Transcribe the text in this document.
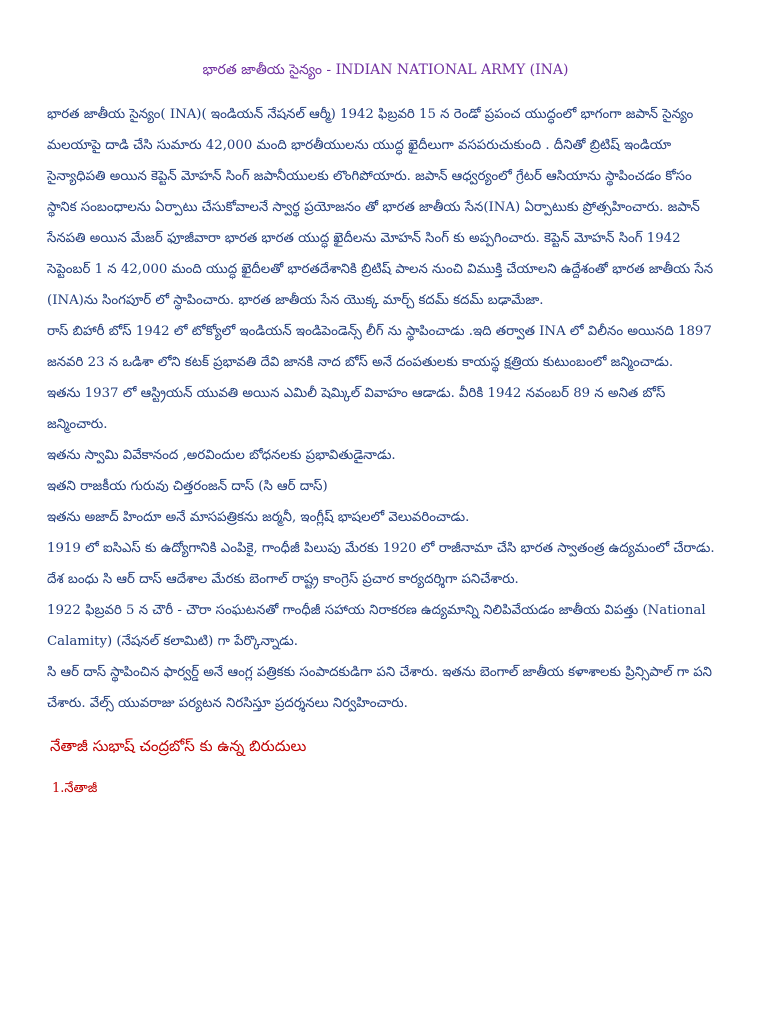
భారత జాతీయ సైన్యం - INDIAN NATIONAL ARMY (INA)

భారత జాతీయ సైన్యం( INA)( ఇండియన్ నేషనల్ ఆర్మీ) 1942 ఫిబ్రవరి 15 న రెండో ప్రపంచ యుద్ధంలో భాగంగా జపాన్ సైన్యం మలయాపై దాడి చేసి సుమారు 42,000 మంది భారతీయులను యుద్ధ ఖైదీలుగా వసపరుచుకుంది . దీనితో బ్రిటిష్ ఇండియా సైన్యాధిపతి అయిన కెప్టెన్ మోహన్ సింగ్ జపానీయులకు లొంగిపోయారు. జపాన్ ఆధ్వర్యంలో గ్రేటర్ ఆసియాను స్థాపించడం కోసం స్థానిక సంబంధాలను ఏర్పాటు చేసుకోవాలనే స్వార్థ ప్రయోజనం తో భారత జాతీయ సేన(INA) ఏర్పాటుకు ప్రోత్సహించారు. జపాన్ సేనపతి అయిన మేజర్ ఫూజీవారా భారత భారత యుద్ధ ఖైదీలను మోహన్ సింగ్ కు అప్పగించారు. కెప్టెన్ మోహన్ సింగ్ 1942 సెప్టెంబర్ 1 న 42,000 మంది యుద్ధ ఖైదీలతో భారతదేశానికి బ్రిటిష్ పాలన నుంచి విముక్తి చేయాలని ఉద్దేశంతో భారత జాతీయ సేన

(INA)ను సింగపూర్ లో స్థాపించారు. భారత జాతీయ సేన యొక్క మార్చ్ కదమ్ కదమ్ బఢామేజా.

రాస్ బిహారీ బోస్ 1942 లో టోక్యోలో ఇండియన్ ఇండిపెండెన్స్ లీగ్ ను స్థాపించాడు .ఇది తర్వాత INA లో విలీనం అయినది 1897 జనవరి 23 న ఒడిశా లోని కటక్ ప్రభావతి దేవి జానకి నాద బోస్ అనే దంపతులకు కాయస్థ క్షత్రియ కుటుంబంలో జన్మించాడు.

ఇతను 1937 లో ఆస్ట్రియన్ యువతి అయిన ఎమిలీ షెమ్కిల్ వివాహం ఆడాడు. వీరికి 1942 నవంబర్ 89 న అనిత బోస్ జన్మించారు.

ఇతను స్వామి వివేకానంద ,అరవిందుల బోధనలకు ప్రభావితుడైనాడు.

ఇతని రాజకీయ గురువు చిత్తరంజన్ దాస్ (సి ఆర్ దాస్)

ఇతను అజాద్ హిందూ అనే మాసపత్రికను జర్మనీ, ఇంగ్లీష్ భాషలలో వెలువరించాడు.

1919 లో ఐసిఎస్ కు ఉద్యోగానికి ఎంపికై, గాంధీజీ పిలుపు మేరకు 1920 లో రాజీనామా చేసి భారత స్వాతంత్ర ఉద్యమంలో చేరాడు.

దేశ బంధు సి ఆర్ దాస్ ఆదేశాల మేరకు బెంగాల్ రాష్ట్ర కాంగ్రెస్ ప్రచార కార్యదర్శిగా పనిచేశారు.

1922 ఫిబ్రవరి 5 న చౌరీ - చౌరా సంఘటనతో గాంధీజీ సహాయ నిరాకరణ ఉద్యమాన్ని నిలిపివేయడం జాతీయ విపత్తు (National Calamity) (నేషనల్ కలామిటి) గా పేర్కొన్నాడు.

సి ఆర్ దాస్ స్థాపించిన ఫార్వర్డ్ అనే ఆంగ్ల పత్రికకు సంపాదకుడిగా పని చేశారు. ఇతను బెంగాల్ జాతీయ కళాశాలకు ప్రిన్సిపాల్ గా పని చేశారు. వేల్స్ యువరాజు పర్యటన నిరసిస్తూ ప్రదర్శనలు నిర్వహించారు.

నేతాజీ సుభాష్ చంద్రబోస్ కు ఉన్న బిరుదులు
1.నేతాజీ
